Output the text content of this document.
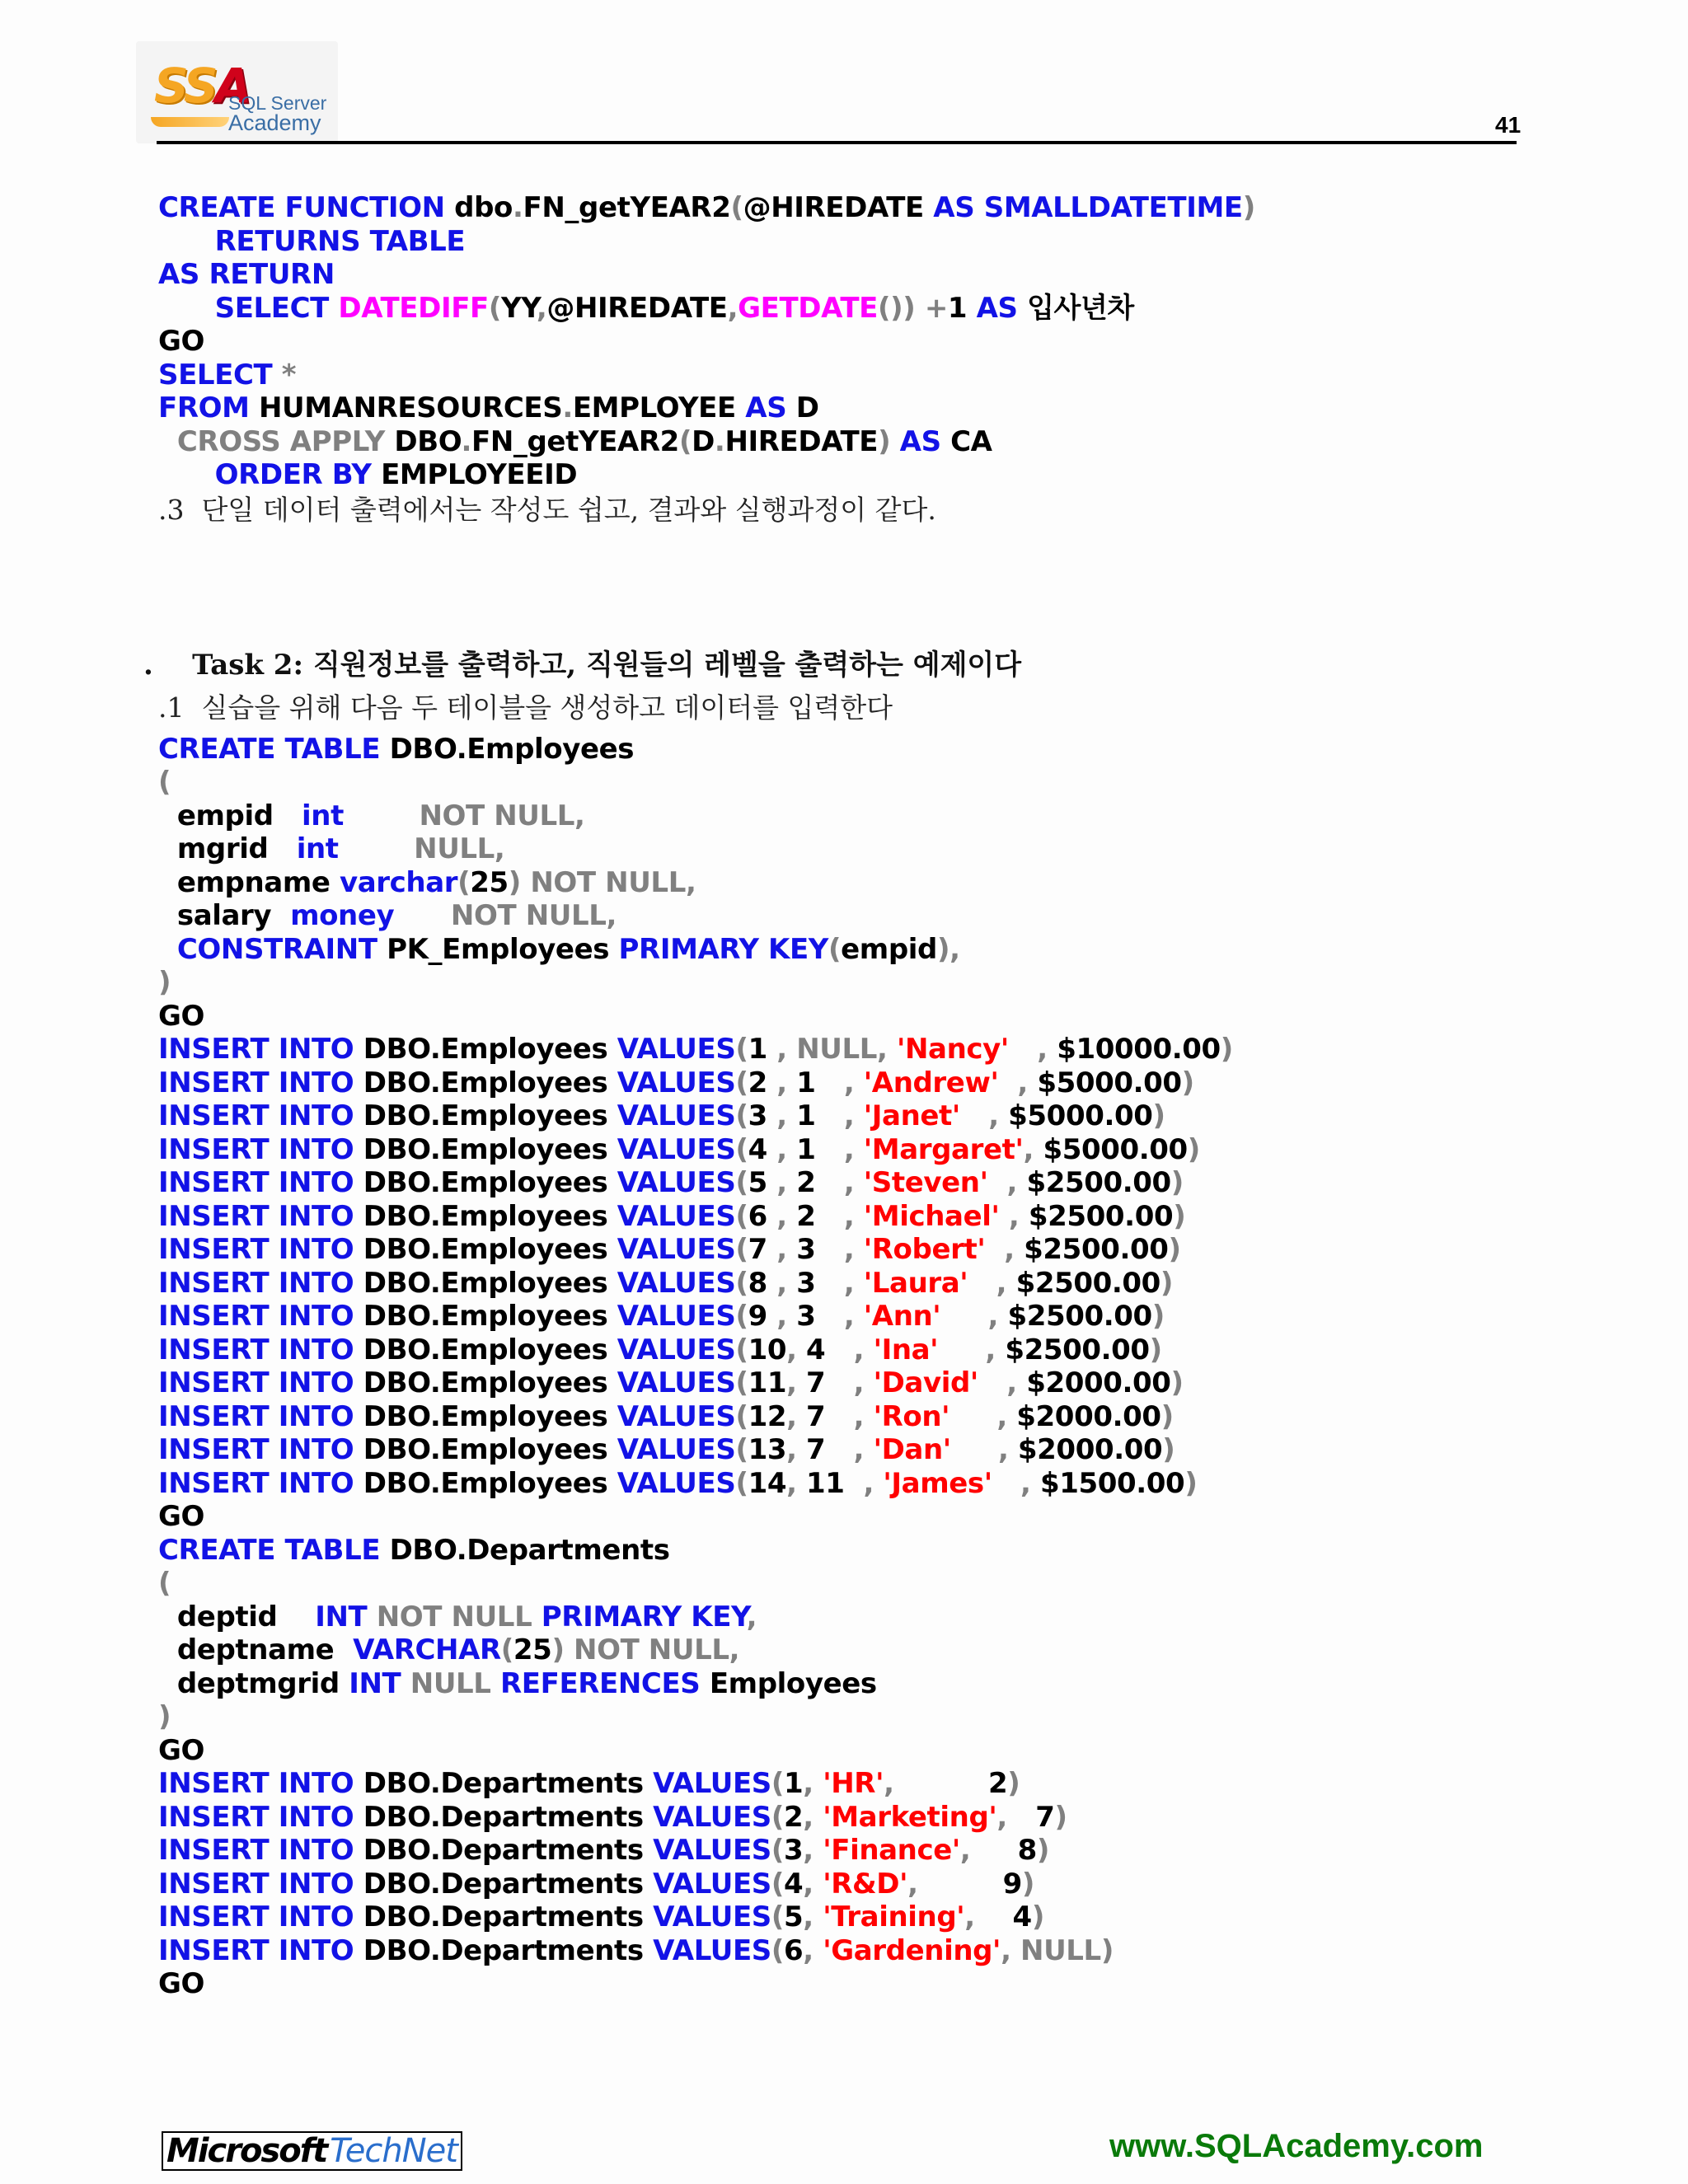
SSA
SQL Server
Academy	41
CREATE FUNCTION dbo.FN_getYEAR2(@HIREDATE AS SMALLDATETIME)
RETURNS TABLE
AS RETURN
SELECT DATEDIFF(YY,@HIREDATE,GETDATE()) +1 AS 입사년차
GO
SELECT *
FROM HUMANRESOURCES.EMPLOYEE AS D
CROSS APPLY DBO.FN_getYEAR2(D.HIREDATE) AS CA
ORDER BY EMPLOYEEID
.3  단일 데이터 출력에서는 작성도 쉽고, 결과와 실행과정이 같다.
.    Task 2: 직원정보를 출력하고, 직원들의 레벨을 출력하는 예제이다
.1  실습을 위해 다음 두 테이블을 생성하고 데이터를 입력한다
CREATE TABLE DBO.Employees
(
empid   int        NOT NULL,
mgrid   int        NULL,
empname varchar(25) NOT NULL,
salary  money      NOT NULL,
CONSTRAINT PK_Employees PRIMARY KEY(empid),
)
GO
INSERT INTO DBO.Employees VALUES(1 , NULL, 'Nancy'   , $10000.00)
INSERT INTO DBO.Employees VALUES(2 , 1   , 'Andrew'  , $5000.00)
INSERT INTO DBO.Employees VALUES(3 , 1   , 'Janet'   , $5000.00)
INSERT INTO DBO.Employees VALUES(4 , 1   , 'Margaret', $5000.00)
INSERT INTO DBO.Employees VALUES(5 , 2   , 'Steven'  , $2500.00)
INSERT INTO DBO.Employees VALUES(6 , 2   , 'Michael' , $2500.00)
INSERT INTO DBO.Employees VALUES(7 , 3   , 'Robert'  , $2500.00)
INSERT INTO DBO.Employees VALUES(8 , 3   , 'Laura'   , $2500.00)
INSERT INTO DBO.Employees VALUES(9 , 3   , 'Ann'     , $2500.00)
INSERT INTO DBO.Employees VALUES(10, 4   , 'Ina'     , $2500.00)
INSERT INTO DBO.Employees VALUES(11, 7   , 'David'   , $2000.00)
INSERT INTO DBO.Employees VALUES(12, 7   , 'Ron'     , $2000.00)
INSERT INTO DBO.Employees VALUES(13, 7   , 'Dan'     , $2000.00)
INSERT INTO DBO.Employees VALUES(14, 11  , 'James'   , $1500.00)
GO
CREATE TABLE DBO.Departments
(
deptid    INT NOT NULL PRIMARY KEY,
deptname  VARCHAR(25) NOT NULL,
deptmgrid INT NULL REFERENCES Employees
)
GO
INSERT INTO DBO.Departments VALUES(1, 'HR',          2)
INSERT INTO DBO.Departments VALUES(2, 'Marketing',   7)
INSERT INTO DBO.Departments VALUES(3, 'Finance',     8)
INSERT INTO DBO.Departments VALUES(4, 'R&D',         9)
INSERT INTO DBO.Departments VALUES(5, 'Training',    4)
INSERT INTO DBO.Departments VALUES(6, 'Gardening', NULL)
GO
Microsoft TechNet	www.SQLAcademy.com
